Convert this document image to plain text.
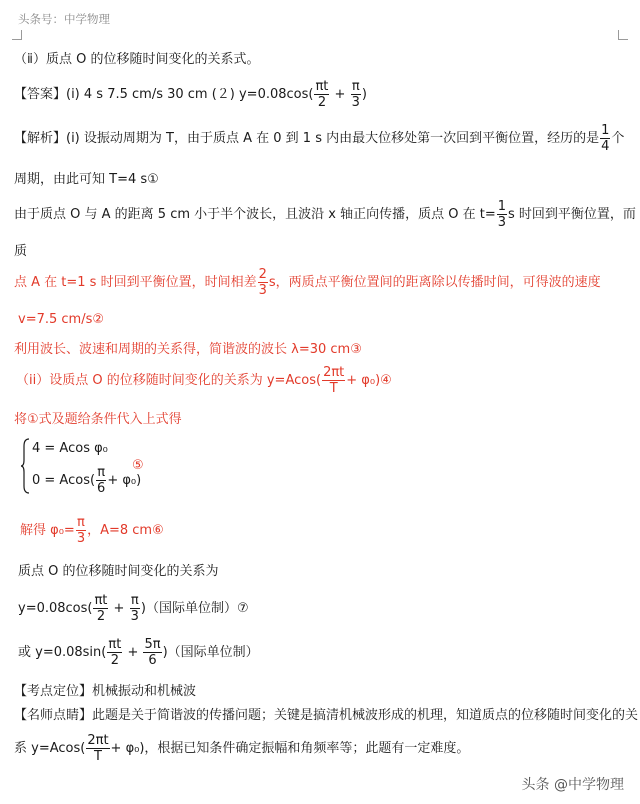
头条号：中学物理
（ⅱ）质点 O 的位移随时间变化的关系式。
【答案】(ⅰ) 4 s 7.5 cm/s 30 cm (２) $y=0.08\cos( \frac{\pi t}{2} + \frac{\pi}{3}$ )
【解析】(ⅰ) 设振动周期为 T，由于质点 A 在 0 到 1 s 内由最大位移处第一次回到平衡位置，经历的是 $\frac{1}{4}$ 个
周期，由此可知 T=4 s①
由于质点 O 与 A 的距离 5 cm 小于半个波长，且波沿 x 轴正向传播，质点 O 在 $t= \frac{1}{3}$ s 时回到平衡位置，而
质
点 A 在 t=1 s 时回到平衡位置，时间相差 $\frac{2}{3}$ s，两质点平衡位置间的距离除以传播时间，可得波的速度
v=7.5 cm/s②
利用波长、波速和周期的关系得，简谐波的波长 λ=30 cm③
（ii）设质点 O 的位移随时间变化的关系为 $y=Acos( \frac{2\pi t}{T}$ + φ₀)④
将①式及题给条件代入上式得
4 = Acos φ₀
$0 = Acos( \frac{\pi}{6} + \varphi_0)$
⑤
解得 $\varphi_0= \frac{\pi}{3}$ ，A=8 cm⑥
质点 O 的位移随时间变化的关系为
$y=0.08\cos( \frac{\pi t}{2} + \frac{\pi}{3}$ )（国际单位制）⑦
或 $y=0.08\sin( \frac{\pi t}{2} + \frac{5\pi}{6}$ )（国际单位制）
【考点定位】机械振动和机械波
【名师点睛】此题是关于简谐波的传播问题；关键是搞清机械波形成的机理，知道质点的位移随时间变化的关
系 $y=Acos( \frac{2\pi t}{T} + \varphi_0)$，根据已知条件确定振幅和角频率等；此题有一定难度。
头条 @中学物理
